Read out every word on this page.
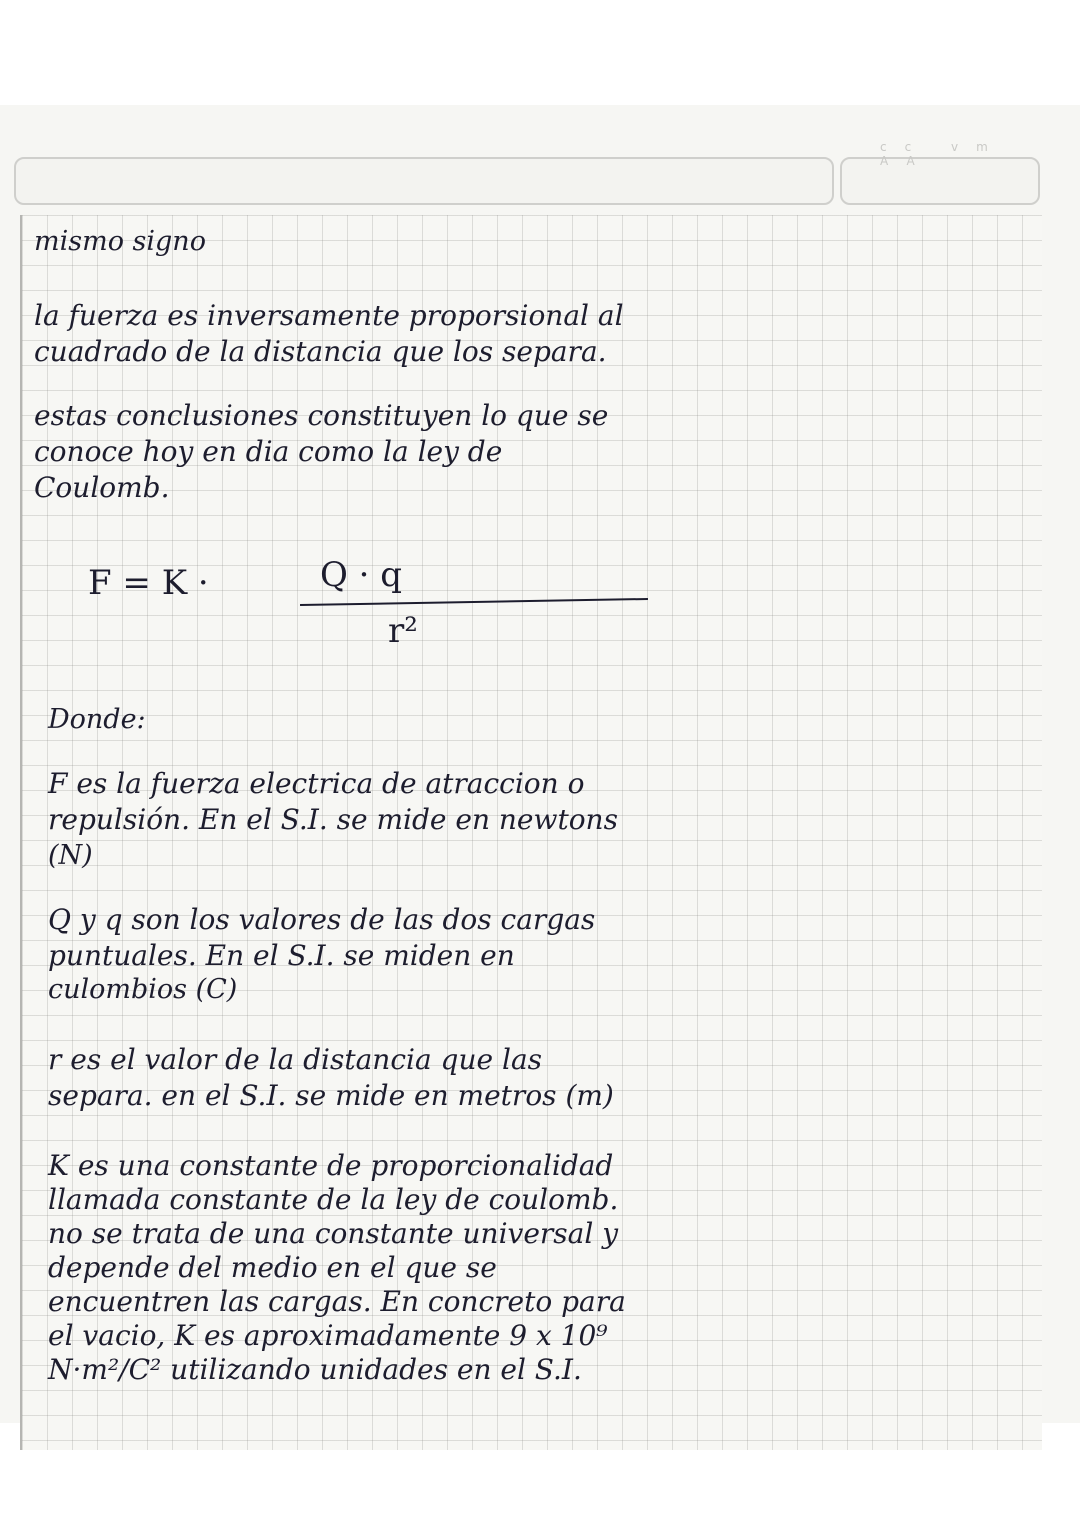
cc vm AA
mismo signo
la fuerza es inversamente proporsional al
cuadrado de la distancia que los separa.
estas conclusiones constituyen lo que se
conoce hoy en dia como la ley de
Coulomb.
F = K ·	Q · q
r²
Donde:
F es la fuerza electrica de atraccion o
repulsión. En el S.I. se mide en newtons
(N)
Q y q son los valores de las dos cargas
puntuales. En el S.I. se miden en
culombios (C)
r es el valor de la distancia que las
separa. en el S.I. se mide en metros (m)
K es una constante de proporcionalidad
llamada constante de la ley de coulomb.
no se trata de una constante universal y
depende del medio en el que se
encuentren las cargas. En concreto para
el vacio, K es aproximadamente 9 x 10⁹
N·m²/C² utilizando unidades en el S.I.
